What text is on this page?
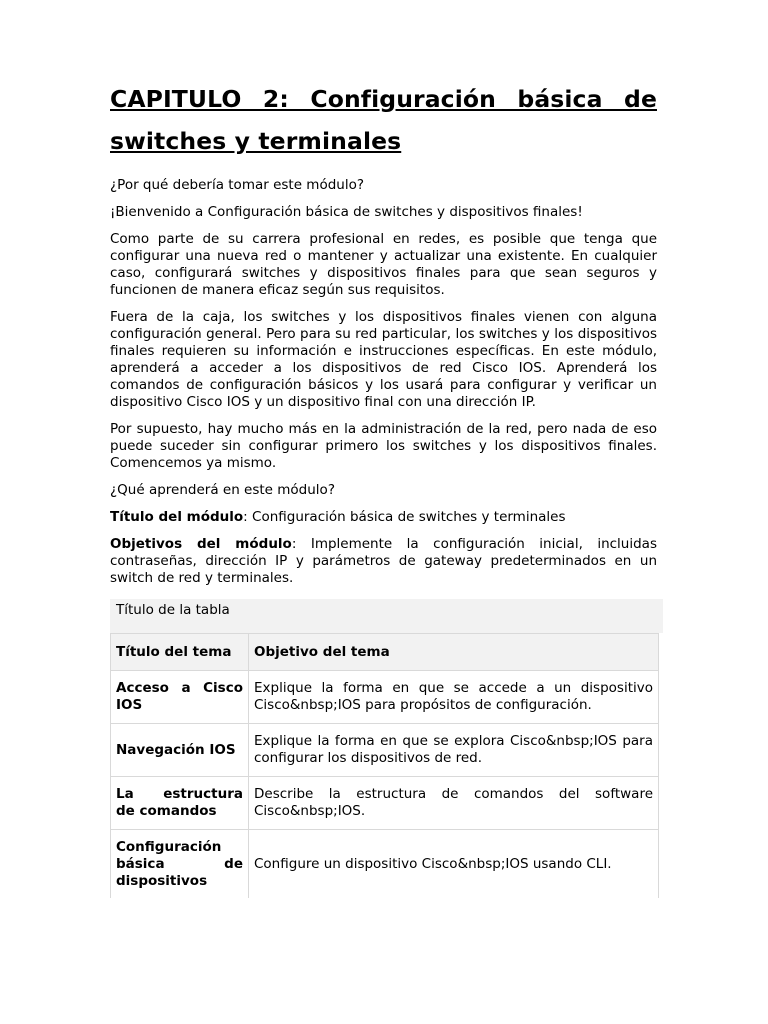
CAPITULO 2: Configuración básica de
switches y terminales

¿Por qué debería tomar este módulo?

¡Bienvenido a Configuración básica de switches y dispositivos finales!

Como parte de su carrera profesional en redes, es posible que tenga que configurar una nueva red o mantener y actualizar una existente. En cualquier caso, configurará switches y dispositivos finales para que sean seguros y funcionen de manera eficaz según sus requisitos.

Fuera de la caja, los switches y los dispositivos finales vienen con alguna configuración general. Pero para su red particular, los switches y los dispositivos finales requieren su información e instrucciones específicas. En este módulo, aprenderá a acceder a los dispositivos de red Cisco IOS. Aprenderá los comandos de configuración básicos y los usará para configurar y verificar un dispositivo Cisco IOS y un dispositivo final con una dirección IP.

Por supuesto, hay mucho más en la administración de la red, pero nada de eso puede suceder sin configurar primero los switches y los dispositivos finales. Comencemos ya mismo.

¿Qué aprenderá en este módulo?

Título del módulo: Configuración básica de switches y terminales

Objetivos del módulo: Implemente la configuración inicial, incluidas contraseñas, dirección IP y parámetros de gateway predeterminados en un switch de red y terminales.

Título de la tabla
Título del tema	Objetivo del tema

Acceso a Cisco
IOS	Explique la forma en que se accede a un dispositivo Cisco&nbsp;IOS para propósitos de configuración.

Navegación IOS	Explique la forma en que se explora Cisco&nbsp;IOS para configurar los dispositivos de red.

La estructura
de comandos	Describe la estructura de comandos del software Cisco&nbsp;IOS.

Configuración
básica de
dispositivos	Configure un dispositivo Cisco&nbsp;IOS usando CLI.
